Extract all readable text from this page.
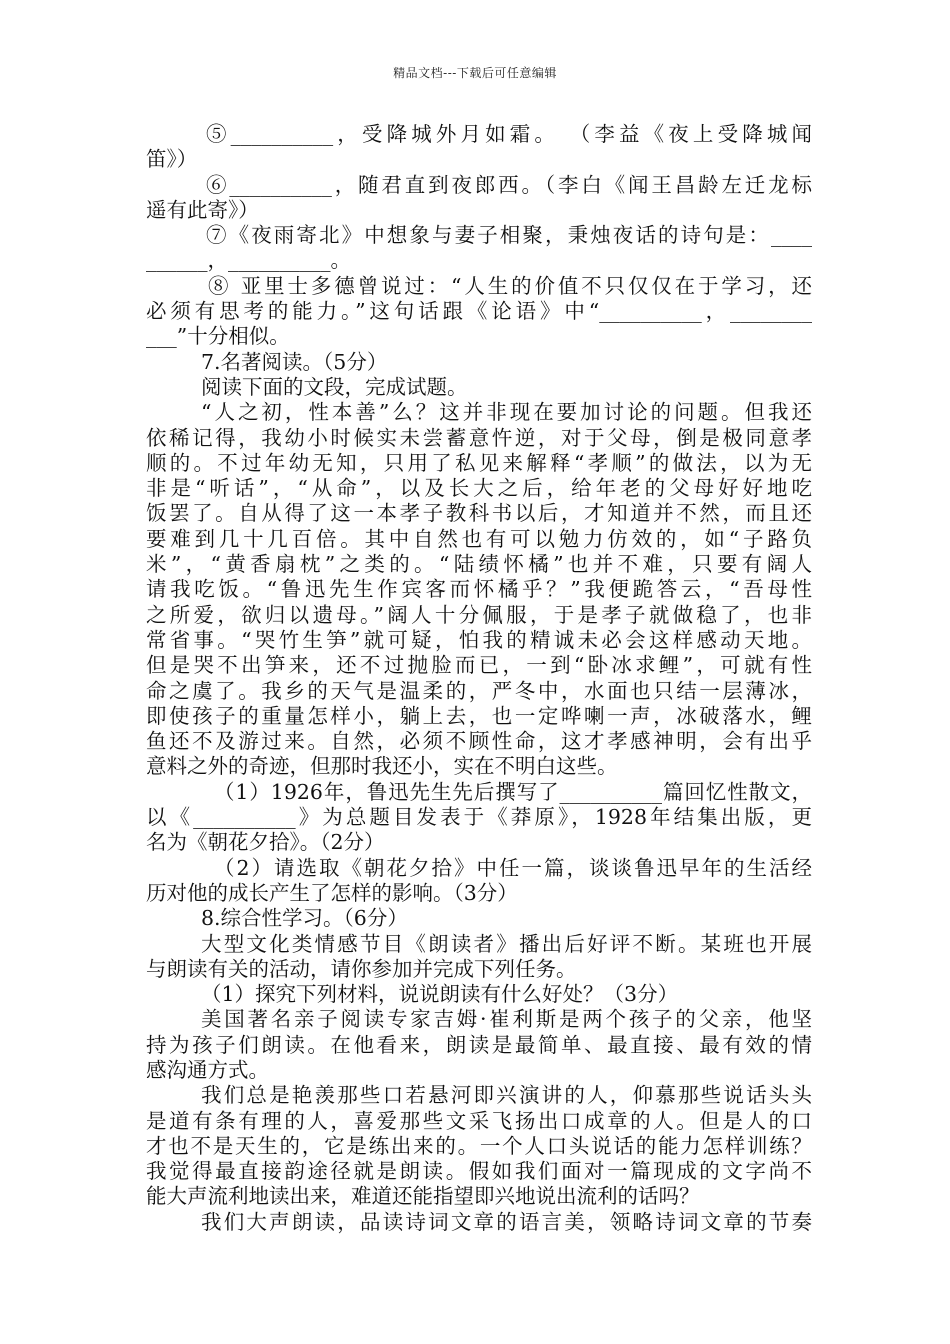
精品文档---下载后可任意编辑
⑤__________，受降城外月如霜。 （李益《夜上受降城闻
笛》）
⑥__________，随君直到夜郎西。（李白《闻王昌龄左迁龙标
遥有此寄》）
⑦《夜雨寄北》中想象与妻子相聚，秉烛夜话的诗句是：____
______，__________。
⑧ 亚里士多德曾说过：“人生的价值不只仅仅在于学习，还
必须有思考的能力。”这句话跟《论语》中“__________，________
___”十分相似。
7.名著阅读。（5分）
阅读下面的文段，完成试题。
“人之初，性本善”么？这并非现在要加讨论的问题。但我还
依稀记得，我幼小时候实未尝蓄意忤逆，对于父母，倒是极同意孝
顺的。不过年幼无知，只用了私见来解释“孝顺”的做法，以为无
非是“听话”，“从命”，以及长大之后，给年老的父母好好地吃
饭罢了。自从得了这一本孝子教科书以后，才知道并不然，而且还
要难到几十几百倍。其中自然也有可以勉力仿效的，如“子路负
米”，“黄香扇枕”之类的。“陆绩怀橘”也并不难，只要有阔人
请我吃饭。“鲁迅先生作宾客而怀橘乎？”我便跪答云，“吾母性
之所爱，欲归以遗母。”阔人十分佩服，于是孝子就做稳了，也非
常省事。“哭竹生笋”就可疑，怕我的精诚未必会这样感动天地。
但是哭不出笋来，还不过抛脸而已，一到“卧冰求鲤”，可就有性
命之虞了。我乡的天气是温柔的，严冬中，水面也只结一层薄冰，
即使孩子的重量怎样小，躺上去，也一定哗喇一声，冰破落水，鲤
鱼还不及游过来。自然，必须不顾性命，这才孝感神明，会有出乎
意料之外的奇迹，但那时我还小，实在不明白这些。
（1）1926年，鲁迅先生先后撰写了__________篇回忆性散文，
以《__________》为总题目发表于《莽原》，1928年结集出版，更
名为《朝花夕拾》。（2分）
（2）请选取《朝花夕拾》中任一篇，谈谈鲁迅早年的生活经
历对他的成长产生了怎样的影响。（3分）
8.综合性学习。（6分）
大型文化类情感节目《朗读者》播出后好评不断。某班也开展
与朗读有关的活动，请你参加并完成下列任务。
（1）探究下列材料，说说朗读有什么好处？（3分）
美国著名亲子阅读专家吉姆·崔利斯是两个孩子的父亲，他坚
持为孩子们朗读。在他看来，朗读是最简单、最直接、最有效的情
感沟通方式。
我们总是艳羡那些口若悬河即兴演讲的人，仰慕那些说话头头
是道有条有理的人，喜爱那些文采飞扬出口成章的人。但是人的口
才也不是天生的，它是练出来的。一个人口头说话的能力怎样训练？
我觉得最直接韵途径就是朗读。假如我们面对一篇现成的文字尚不
能大声流利地读出来，难道还能指望即兴地说出流利的话吗？
我们大声朗读，品读诗词文章的语言美，领略诗词文章的节奏
